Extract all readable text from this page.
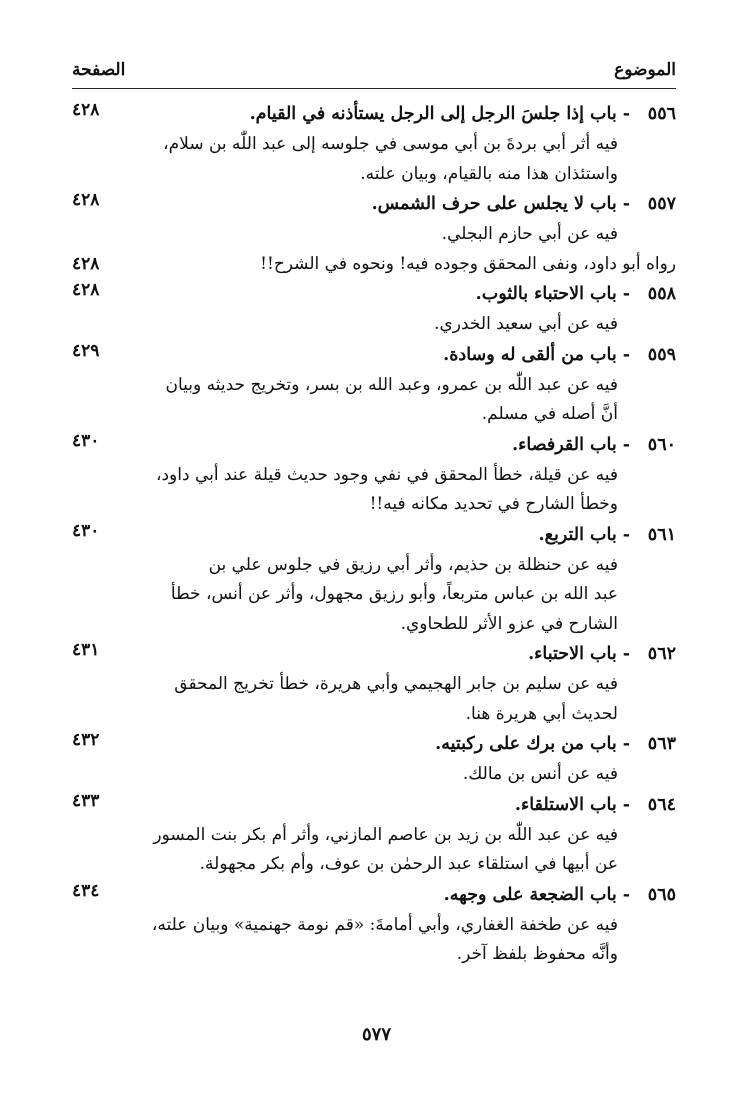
الموضوع
الصفحة
٥٥٦-باب إذا جلسَ الرجل إلى الرجل يستأذنه في القيام.
٤٢٨
فيه أثر أبي بردةَ بن أبي موسى في جلوسه إلى عبد اللّٰه بن سلام،
واستئذان هذا منه بالقيام، وبيان علته.
٥٥٧-باب لا يجلس على حرف الشمس.
٤٢٨
فيه عن أبي حازم البجلي.
رواه أبو داود، ونفى المحقق وجوده فيه! ونحوه في الشرح!!
٤٢٨
٥٥٨-باب الاحتباء بالثوب.
٤٢٨
فيه عن أبي سعيد الخدري.
٥٥٩-باب من ألقى له وسادة.
٤٢٩
فيه عن عبد اللّٰه بن عمرو، وعبد الله بن بسر، وتخريج حديثه وبيان
أنَّ أصله في مسلم.
٥٦٠-باب القرفصاء.
٤٣٠
فيه عن قيلة، خطأ المحقق في نفي وجود حديث قيلة عند أبي داود،
وخطأ الشارح في تحديد مكانه فيه!!
٥٦١-باب التربع.
٤٣٠
فيه عن حنظلة بن حذيم، وأثر أبي رزيق في جلوس علي بن
عبد الله بن عباس متربعاً، وأبو رزيق مجهول، وأثر عن أنس، خطأ
الشارح في عزو الأثر للطحاوي.
٥٦٢-باب الاحتباء.
٤٣١
فيه عن سليم بن جابر الهجيمي وأبي هريرة، خطأ تخريج المحقق
لحديث أبي هريرة هنا.
٥٦٣-باب من برك على ركبتيه.
٤٣٢
فيه عن أنس بن مالك.
٥٦٤-باب الاستلقاء.
٤٣٣
فيه عن عبد اللّٰه بن زيد بن عاصم المازني، وأثر أم بكر بنت المسور
عن أبيها في استلقاء عبد الرحمٰن بن عوف، وأم بكر مجهولة.
٥٦٥-باب الضجعة على وجهه.
٤٣٤
فيه عن طخفة الغفاري، وأبي أمامةَ: «قم نومة جهنمية» وبيان علته،
وأنَّه محفوظ بلفظ آخر.
٥٧٧
